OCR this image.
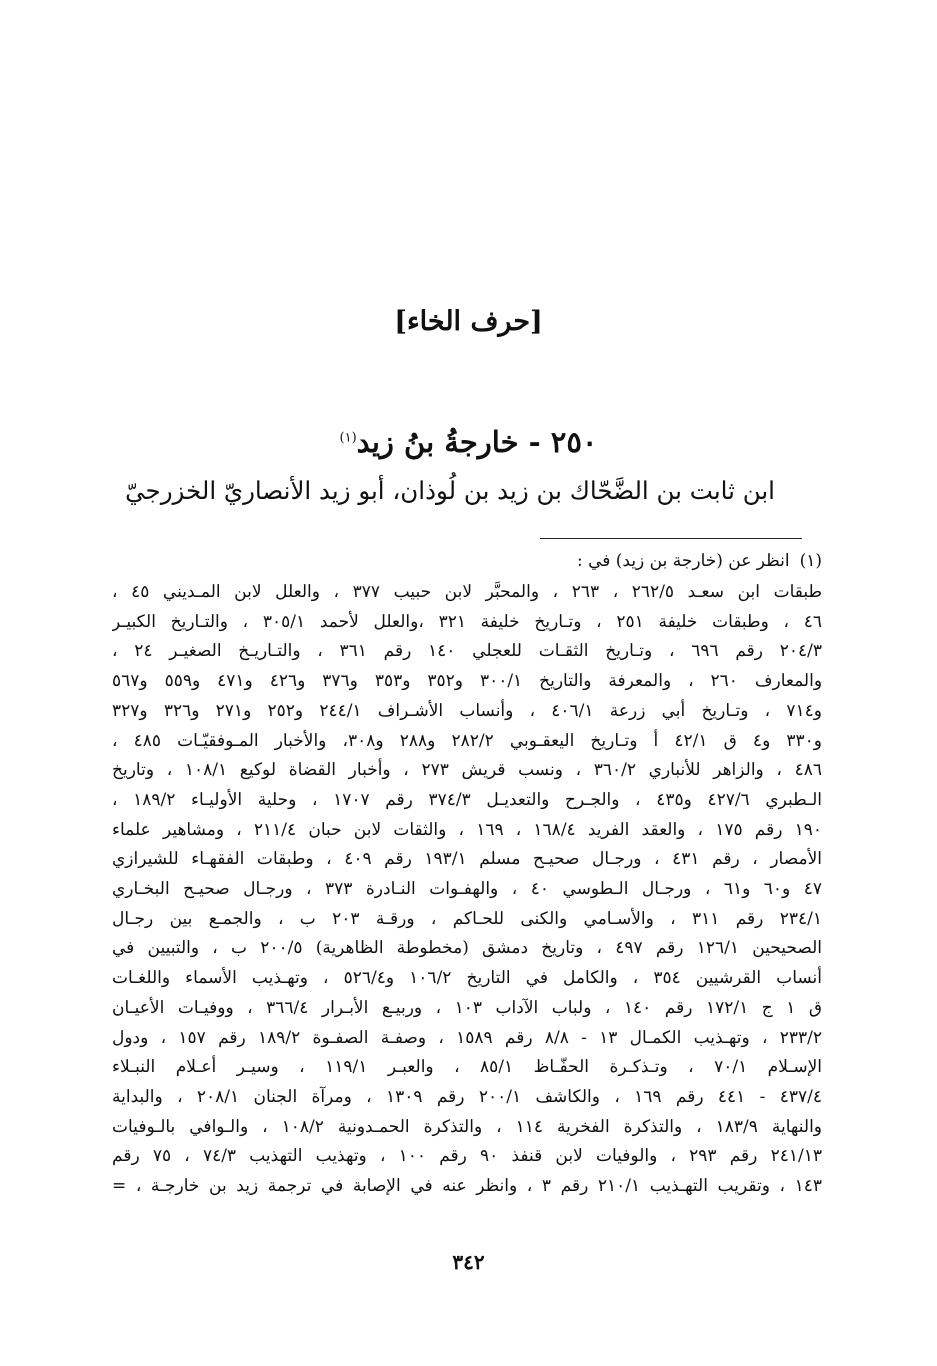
[حرف الخاء]
٢٥٠ - خارجةُ بنُ زيد$^{(١)}$
ابن ثابت بن الضَّحّاك بن زيد بن لُوذان، أبو زيد الأنصاريّ الخزرجيّ
(١)انظر عن (خارجة بن زيد) في :
طبقات ابن سعـد ٢٦٢/٥ ، ٢٦٣ ، والمحبَّر لابن حبيب ٣٧٧ ، والعلل لابن المـديني ٤٥ ،
٤٦ ، وطبقات خليفة ٢٥١ ، وتـاريخ خليفة ٣٢١ ،والعلل لأحمد ٣٠٥/١ ، والتـاريخ الكبيـر
٢٠٤/٣ رقم ٦٩٦ ، وتـاريخ الثقـات للعجلي ١٤٠ رقم ٣٦١ ، والتـاريـخ الصغيـر ٢٤ ،
والمعارف ٢٦٠ ، والمعرفة والتاريخ ٣٠٠/١ و٣٥٢ و٣٥٣ و٣٧٦ و٤٢٦ و٤٧١ و٥٥٩ و٥٦٧
و٧١٤ ، وتـاريخ أبي زرعة ٤٠٦/١ ، وأنساب الأشـراف ٢٤٤/١ و٢٥٢ و٢٧١ و٣٢٦ و٣٢٧
و٣٣٠ و٤ ق ٤٢/١ أ وتـاريخ اليعقـوبي ٢٨٢/٢ و٢٨٨ و٣٠٨، والأخبار المـوفقيّـات ٤٨٥ ،
٤٨٦ ، والزاهر للأنباري ٣٦٠/٢ ، ونسب قريش ٢٧٣ ، وأخبار القضاة لوكيع ١٠٨/١ ، وتاريخ
الـطبري ٤٢٧/٦ و٤٣٥ ، والجـرح والتعديـل ٣٧٤/٣ رقم ١٧٠٧ ، وحلية الأوليـاء ١٨٩/٢ ،
١٩٠ رقم ١٧٥ ، والعقد الفريد ١٦٨/٤ ، ١٦٩ ، والثقات لابن حبان ٢١١/٤ ، ومشاهير علماء
الأمصار ، رقم ٤٣١ ، ورجـال صحيـح مسلم ١٩٣/١ رقم ٤٠٩ ، وطبقات الفقهـاء للشيرازي
٤٧ و٦٠ و٦١ ، ورجـال الـطوسي ٤٠ ، والهفـوات النـادرة ٣٧٣ ، ورجـال صحيـح البخـاري
٢٣٤/١ رقم ٣١١ ، والأسـامي والكنى للحـاكم ، ورقـة ٢٠٣ ب ، والجمـع بين رجـال
الصحيحين ١٢٦/١ رقم ٤٩٧ ، وتاريخ دمشق (مخطوطة الظاهرية) ٢٠٠/٥ ب ، والتبيين في
أنساب القرشيين ٣٥٤ ، والكامل في التاريخ ١٠٦/٢ و٥٢٦/٤ ، وتهـذيب الأسماء واللغـات
ق ١ ج ١٧٢/١ رقم ١٤٠ ، ولباب الآداب ١٠٣ ، وربيـع الأبـرار ٣٦٦/٤ ، ووفيـات الأعيـان
٢٣٣/٢ ، وتهـذيب الكمـال ١٣ - ٨/٨ رقم ١٥٨٩ ، وصفـة الصفـوة ١٨٩/٢ رقم ١٥٧ ، ودول
الإسـلام ٧٠/١ ، وتـذكـرة الحفّـاظ ٨٥/١ ، والعبـر ١١٩/١ ، وسيـر أعـلام النبـلاء
٤٣٧/٤ - ٤٤١ رقم ١٦٩ ، والكاشف ٢٠٠/١ رقم ١٣٠٩ ، ومرآة الجنان ٢٠٨/١ ، والبداية
والنهاية ١٨٣/٩ ، والتذكرة الفخرية ١١٤ ، والتذكرة الحمـدونية ١٠٨/٢ ، والـوافي بالـوفيات
٢٤١/١٣ رقم ٢٩٣ ، والوفيات لابن قنفذ ٩٠ رقم ١٠٠ ، وتهذيب التهذيب ٧٤/٣ ، ٧٥ رقم
١٤٣ ، وتقريب التهـذيب ٢١٠/١ رقم ٣ ، وانظر عنه في الإصابة في ترجمة زيد بن خارجـة ، =
٣٤٢
